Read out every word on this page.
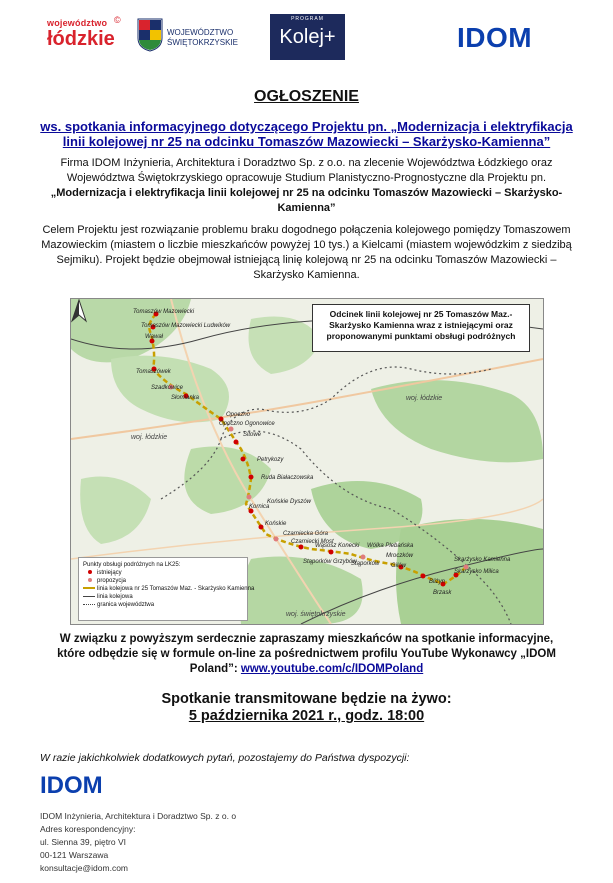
województwo
łódzkie
©
WOJEWÓDZTWO
ŚWIĘTOKRZYSKIE
PROGRAM
Kolej+	IDOM
OGŁOSZENIE
ws. spotkania informacyjnego dotyczącego Projektu pn. „Modernizacja i elektryfikacja linii kolejowej nr 25 na odcinku Tomaszów Mazowiecki – Skarżysko-Kamienna”
Firma IDOM Inżynieria, Architektura i Doradztwo Sp. z o.o. na zlecenie Województwa Łódzkiego oraz Województwa Świętokrzyskiego opracowuje Studium Planistyczno-Prognostyczne dla Projektu pn. „Modernizacja i elektryfikacja linii kolejowej nr 25 na odcinku Tomaszów Mazowiecki – Skarżysko-Kamienna”
Celem Projektu jest rozwiązanie problemu braku dogodnego połączenia kolejowego pomiędzy Tomaszowem Mazowieckim (miastem o liczbie mieszkańców powyżej 10 tys.) a Kielcami (miastem wojewódzkim z siedzibą Sejmiku). Projekt będzie obejmował istniejącą linię kolejową nr 25 na odcinku Tomaszów Mazowiecki – Skarżysko Kamienna.
Odcinek linii kolejowej nr 25 Tomaszów Maz.- Skarżysko Kamienna wraz z istniejącymi oraz proponowanymi punktami obsługi podróżnych
woj. łódzkie
woj. łódzkie
woj. świętokrzyskie
Tomaszów Mazowiecki
Tomaszów Mazowiecki Ludwików
Wąwał
Tomaszówek
Szadkowice
Słomianka
Opoczno
Opoczno Ogonowice
Sitowe
Petrykozy
Ruda Białaczowska
Końskie Dyszów
Kornica
Końskie
Czarniecka Góra
Czarniecki Most
Wąsosz Konecki
Stąporków Grzybów
Stąporków
Wólka Plebańska
Mroczków
Gilów
Bliżyn
Brzask
Skarżysko Milica
Skarżysko Kamienna
Punkty obsługi podróżnych na LK25:
istniejący
propozycja
linia kolejowa nr 25 Tomaszów Maz. - Skarżysko Kamienna
linia kolejowa
granica województwa
W związku z powyższym serdecznie zapraszamy mieszkańców na spotkanie informacyjne, które odbędzie się w formule on-line za pośrednictwem profilu YouTube Wykonawcy „IDOM Poland”: www.youtube.com/c/IDOMPoland
Spotkanie transmitowane będzie na żywo:
5 października 2021 r., godz. 18:00
W razie jakichkolwiek dodatkowych pytań, pozostajemy do Państwa dyspozycji:
IDOM
IDOM Inżynieria, Architektura i Doradztwo Sp. z o. o
Adres korespondencyjny:
ul. Sienna 39, piętro VI
00-121 Warszawa
konsultacje@idom.com
